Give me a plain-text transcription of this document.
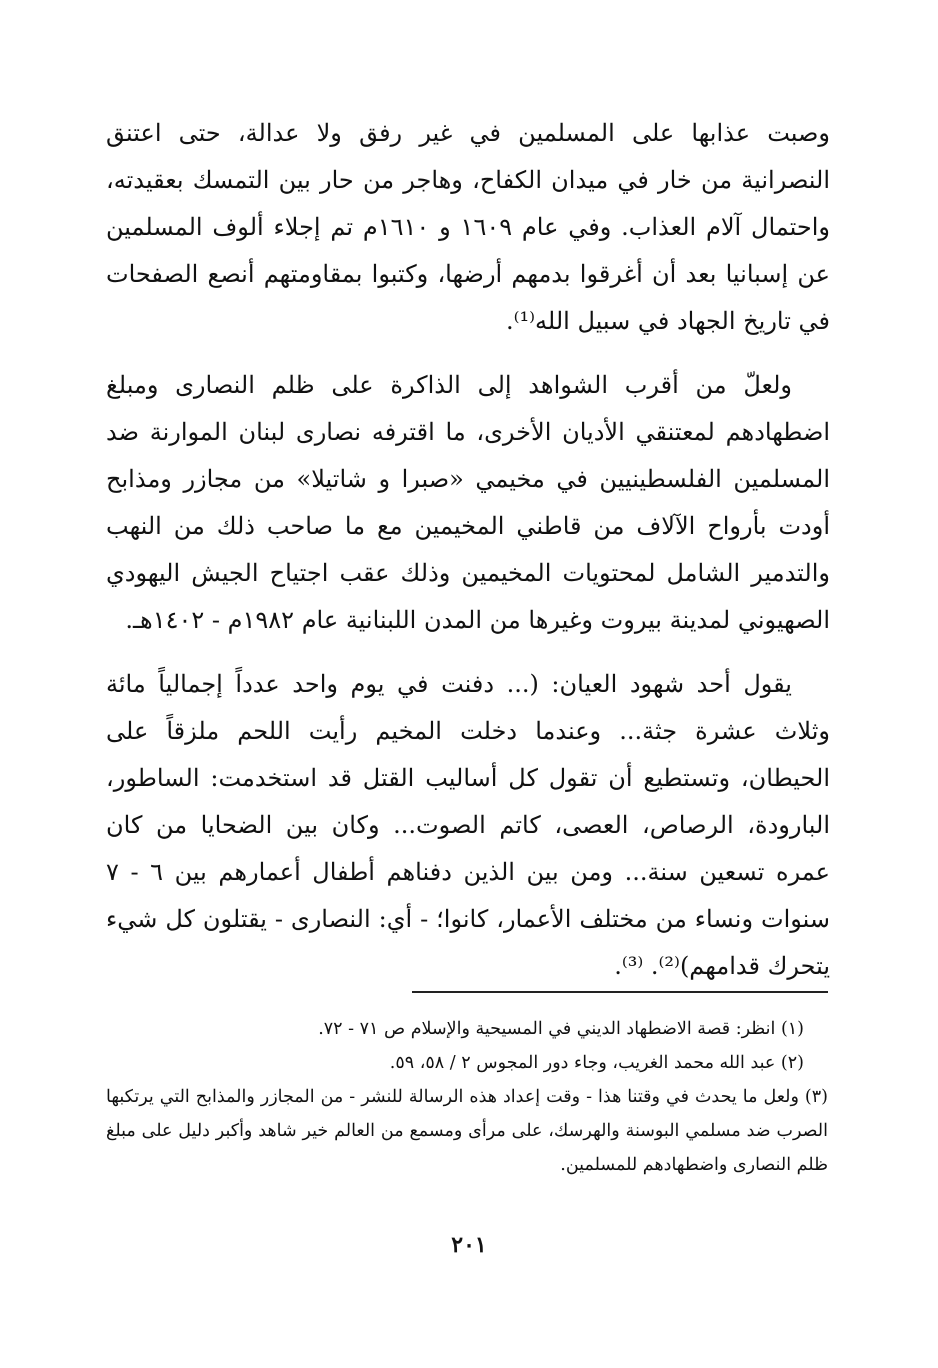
وصبت عذابها على المسلمين في غير رفق ولا عدالة، حتى اعتنق النصرانية من خار في ميدان الكفاح، وهاجر من حار بين التمسك بعقيدته، واحتمال آلام العذاب. وفي عام ١٦٠٩ و ١٦١٠م تم إجلاء ألوف المسلمين عن إسبانيا بعد أن أغرقوا بدمهم أرضها، وكتبوا بمقاومتهم أنصع الصفحات في تاريخ الجهاد في سبيل الله⁽¹⁾.

ولعلّ من أقرب الشواهد إلى الذاكرة على ظلم النصارى ومبلغ اضطهادهم لمعتنقي الأديان الأخرى، ما اقترفه نصارى لبنان الموارنة ضد المسلمين الفلسطينيين في مخيمي «صبرا و شاتيلا» من مجازر ومذابح أودت بأرواح الآلاف من قاطني المخيمين مع ما صاحب ذلك من النهب والتدمير الشامل لمحتويات المخيمين وذلك عقب اجتياح الجيش اليهودي الصهيوني لمدينة بيروت وغيرها من المدن اللبنانية عام ١٩٨٢م - ١٤٠٢هـ.

يقول أحد شهود العيان: (... دفنت في يوم واحد عدداً إجمالياً مائة وثلاث عشرة جثة... وعندما دخلت المخيم رأيت اللحم ملزقاً على الحيطان، وتستطيع أن تقول كل أساليب القتل قد استخدمت: الساطور، البارودة، الرصاص، العصى، كاتم الصوت... وكان بين الضحايا من كان عمره تسعين سنة... ومن بين الذين دفناهم أطفال أعمارهم بين ٦ - ٧ سنوات ونساء من مختلف الأعمار، كانوا؛ - أي: النصارى - يقتلون كل شيء يتحرك قدامهم)⁽²⁾. ⁽³⁾.

(١) انظر: قصة الاضطهاد الديني في المسيحية والإسلام ص ٧١ - ٧٢.

(٢) عبد الله محمد الغريب، وجاء دور المجوس ٢ / ٥٨، ٥٩.

(٣) ولعل ما يحدث في وقتنا هذا - وقت إعداد هذه الرسالة للنشر - من المجازر والمذابح التي يرتكبها الصرب ضد مسلمي البوسنة والهرسك، على مرأى ومسمع من العالم خير شاهد وأكبر دليل على مبلغ ظلم النصارى واضطهادهم للمسلمين.

٢٠١
